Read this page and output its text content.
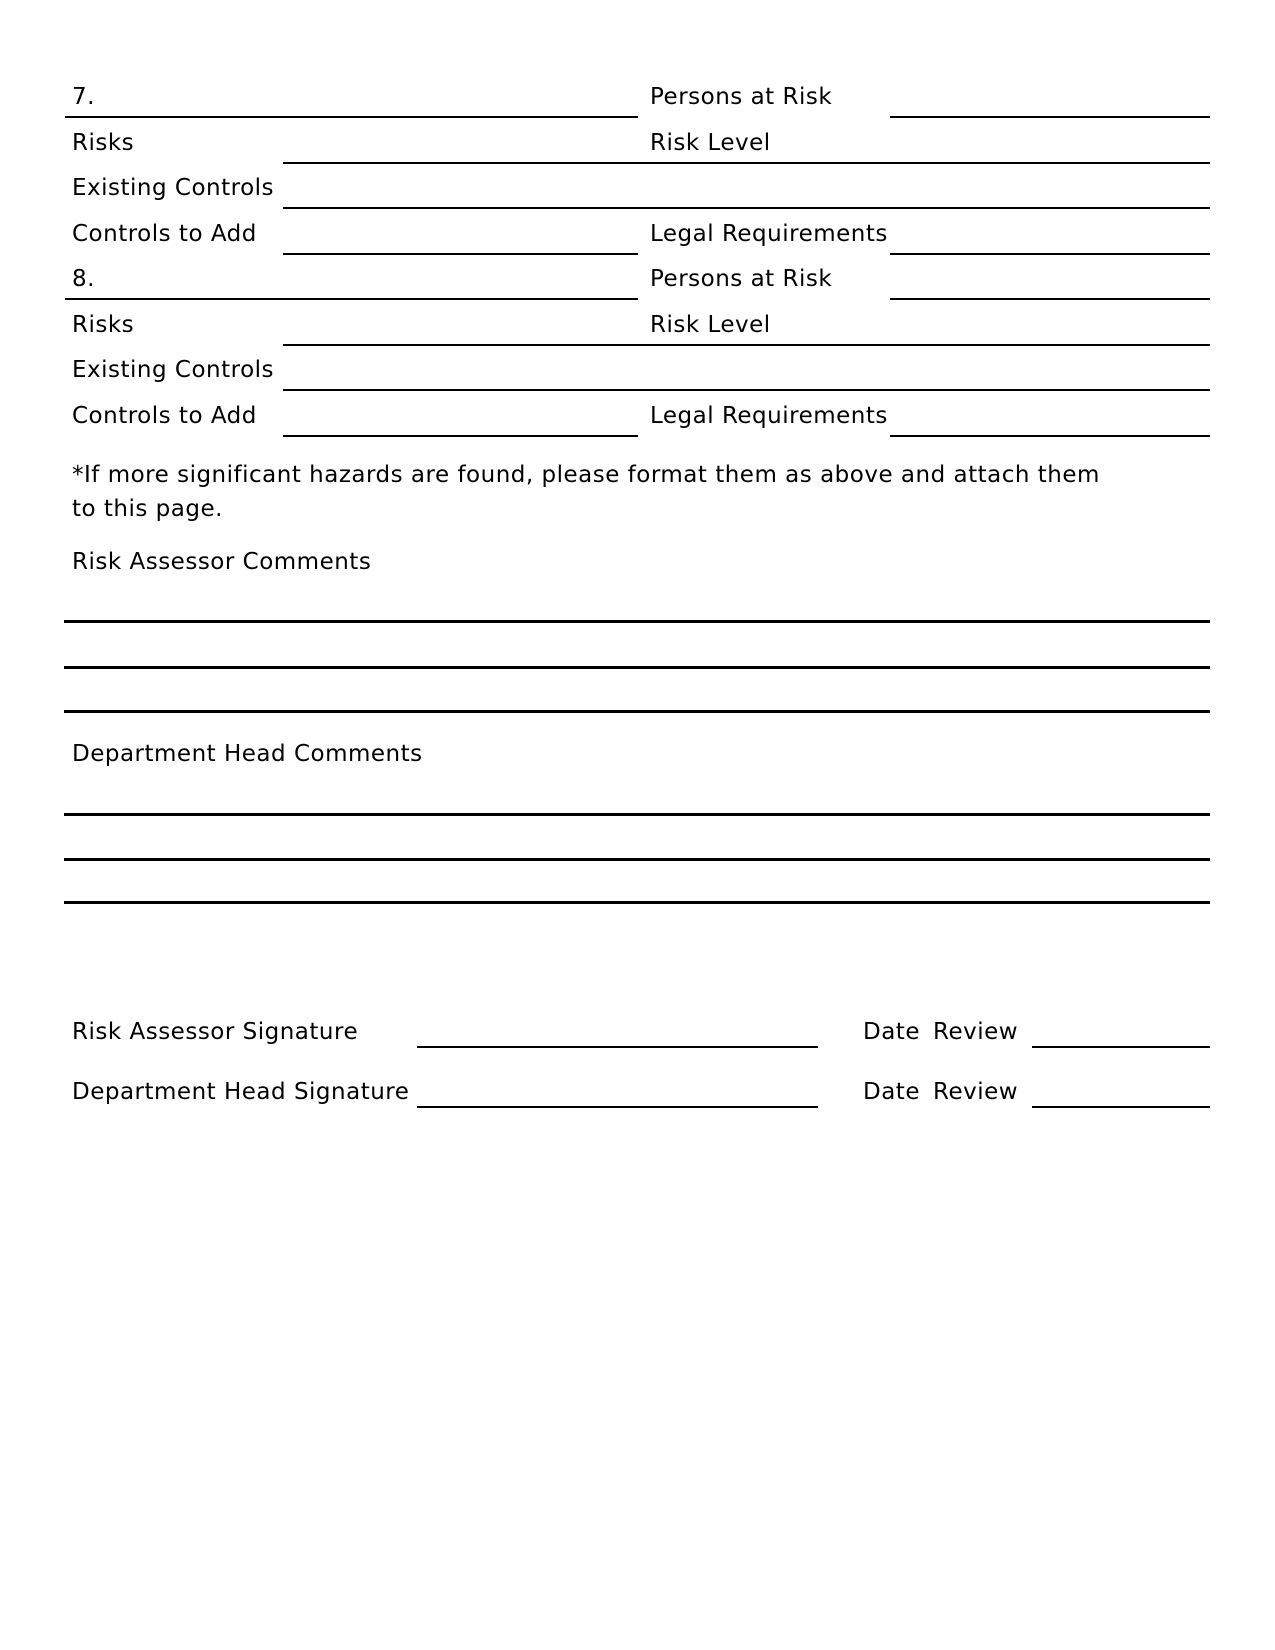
7.	Persons at Risk
Risks	Risk Level
Existing Controls
Controls to Add	Legal Requirements
8.	Persons at Risk
Risks	Risk Level
Existing Controls
Controls to Add	Legal Requirements
*If more significant hazards are found, please format them as above and attach them to this page.
Risk Assessor Comments
Department Head Comments
Risk Assessor Signature	Date Review
Department Head Signature	Date Review
